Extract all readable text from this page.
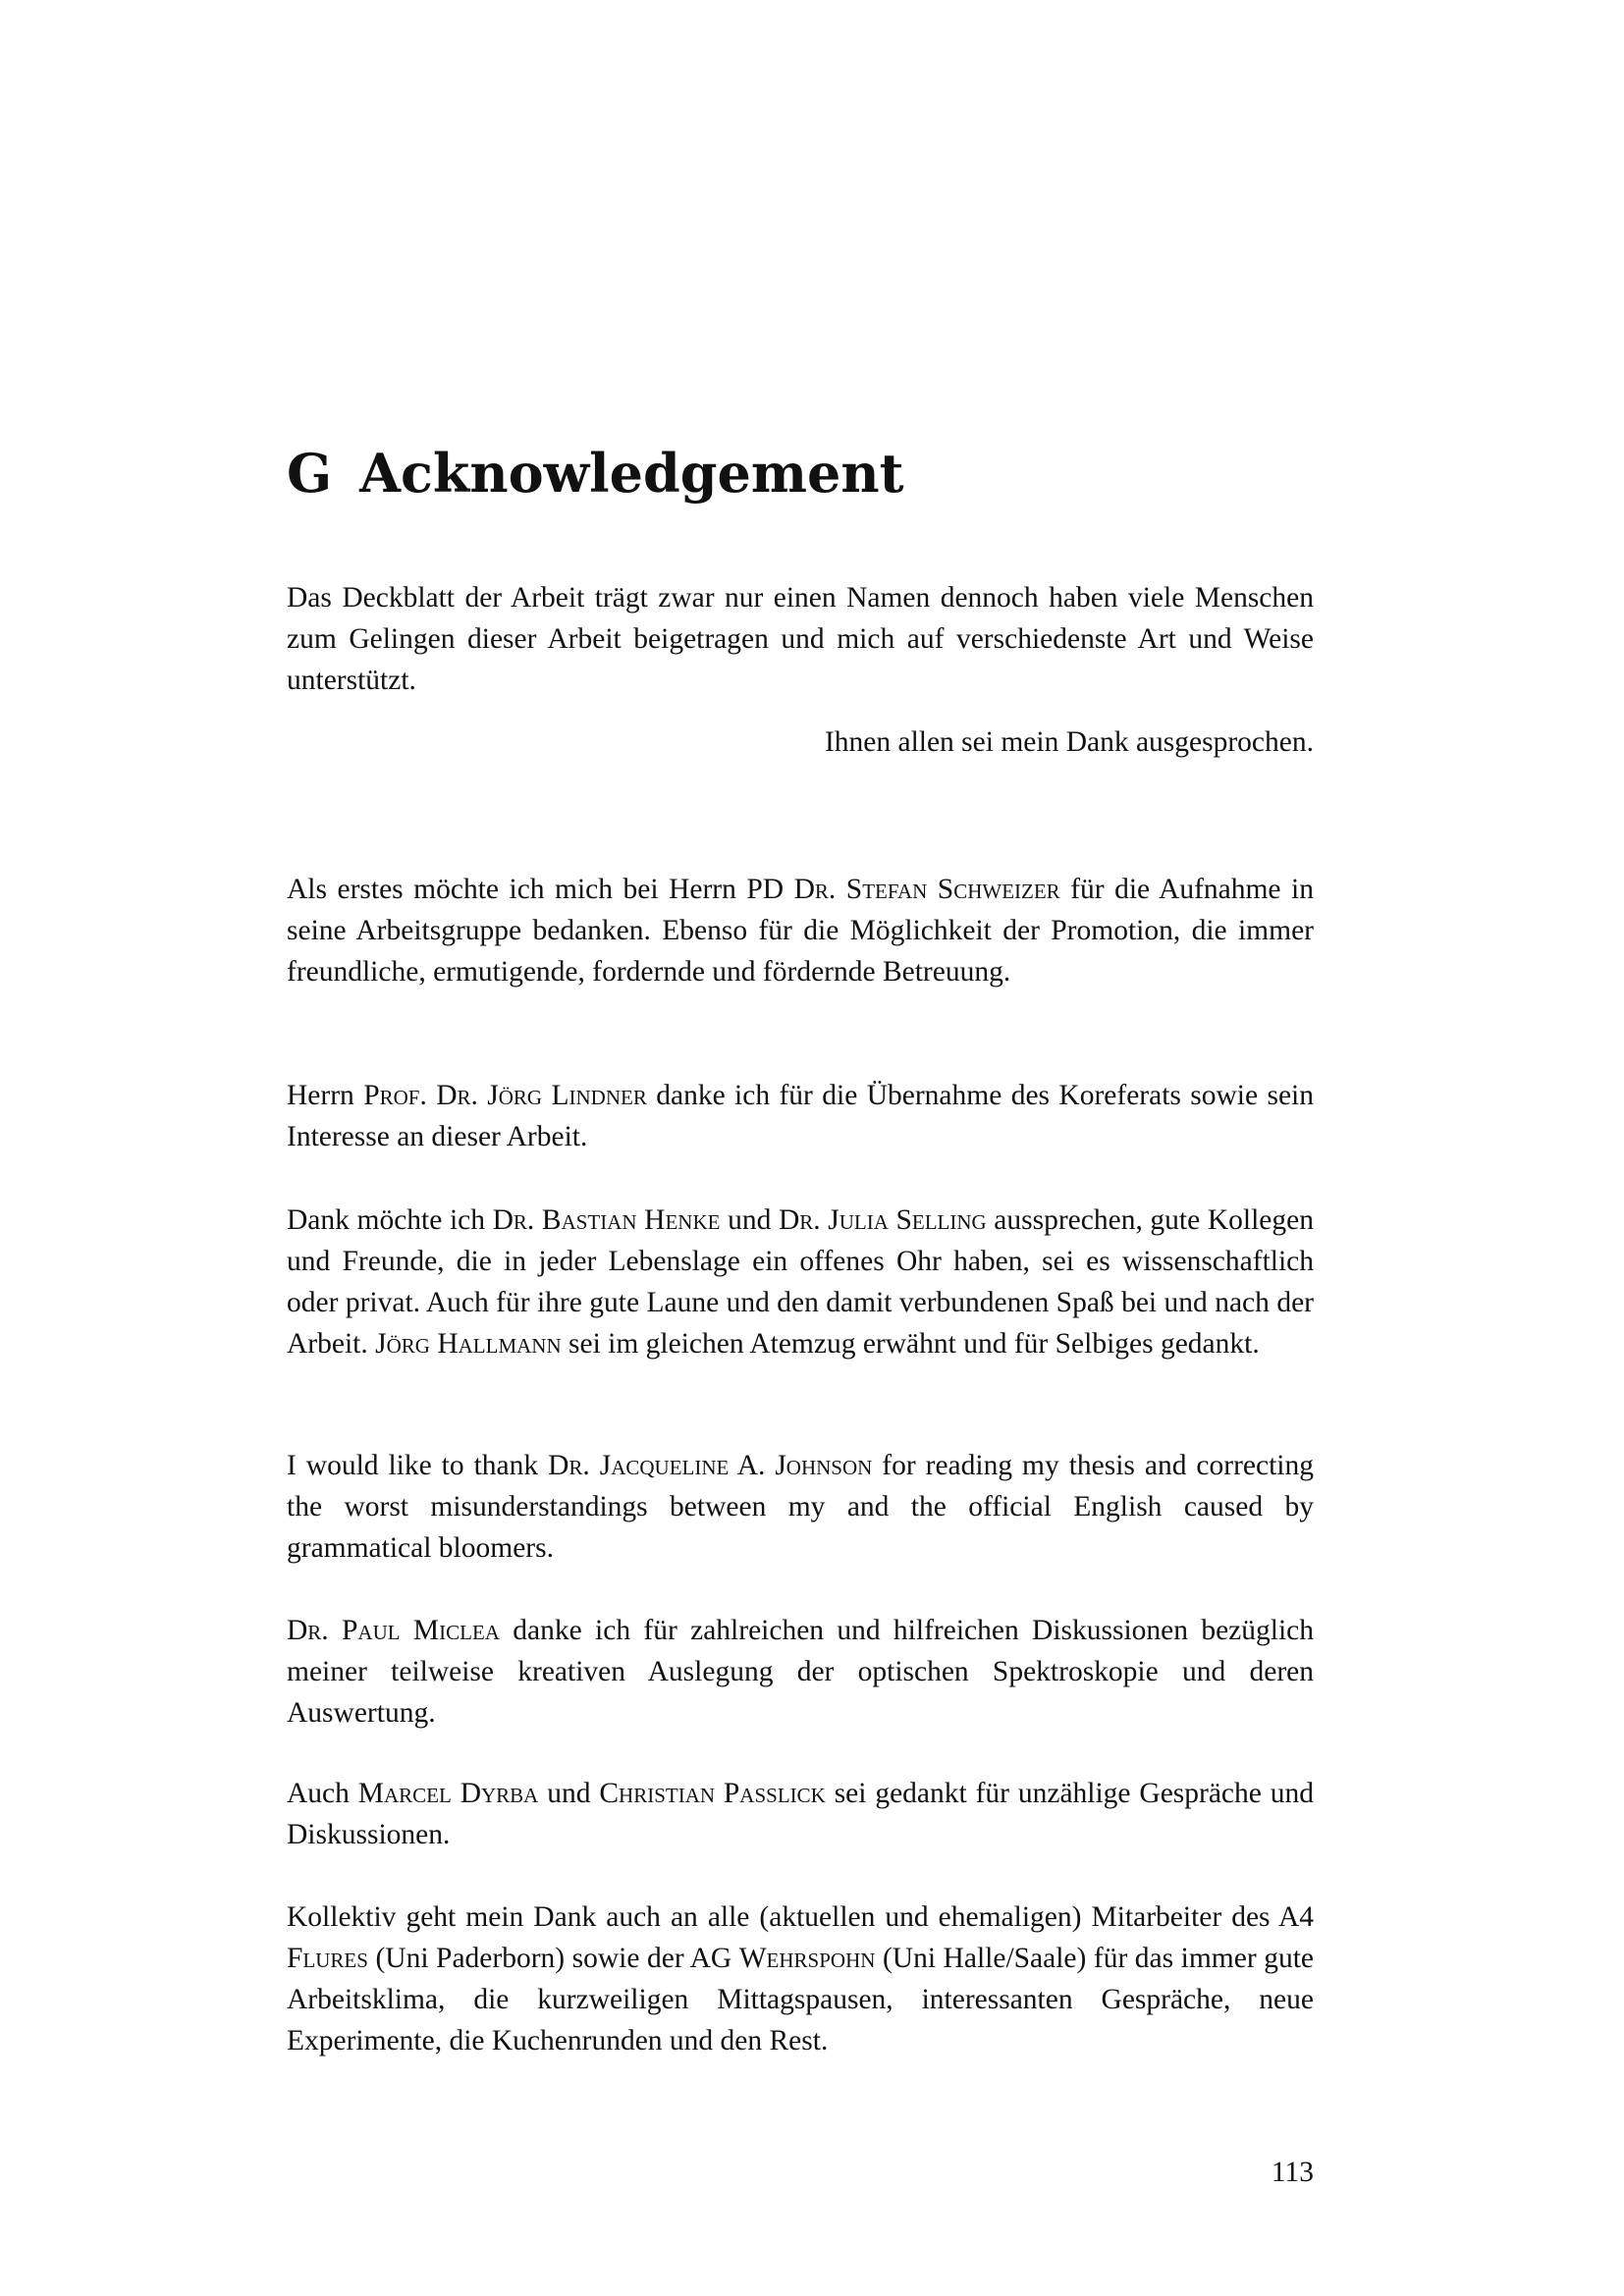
G Acknowledgement

Das Deckblatt der Arbeit trägt zwar nur einen Namen dennoch haben viele Menschen zum Gelingen dieser Arbeit beigetragen und mich auf verschiedenste Art und Weise unterstützt.

Ihnen allen sei mein Dank ausgesprochen.

Als erstes möchte ich mich bei Herrn PD Dr. Stefan Schweizer für die Aufnahme in seine Arbeitsgruppe bedanken. Ebenso für die Möglichkeit der Promotion, die immer freundliche, ermutigende, fordernde und fördernde Betreuung.

Herrn Prof. Dr. Jörg Lindner danke ich für die Übernahme des Koreferats sowie sein Interesse an dieser Arbeit.

Dank möchte ich Dr. Bastian Henke und Dr. Julia Selling aussprechen, gute Kollegen und Freunde, die in jeder Lebenslage ein offenes Ohr haben, sei es wissenschaftlich oder privat. Auch für ihre gute Laune und den damit verbundenen Spaß bei und nach der Arbeit. Jörg Hallmann sei im gleichen Atemzug erwähnt und für Selbiges gedankt.

I would like to thank Dr. Jacqueline A. Johnson for reading my thesis and correcting the worst misunderstandings between my and the official English caused by grammatical bloomers.

Dr. Paul Miclea danke ich für zahlreichen und hilfreichen Diskussionen bezüglich meiner teilweise kreativen Auslegung der optischen Spektroskopie und deren Auswertung.

Auch Marcel Dyrba und Christian Passlick sei gedankt für unzählige Gespräche und Diskussionen.

Kollektiv geht mein Dank auch an alle (aktuellen und ehemaligen) Mitarbeiter des A4 Flures (Uni Paderborn) sowie der AG Wehrspohn (Uni Halle/Saale) für das immer gute Arbeitsklima, die kurzweiligen Mittagspausen, interessanten Gespräche, neue Experimente, die Kuchenrunden und den Rest.

113
